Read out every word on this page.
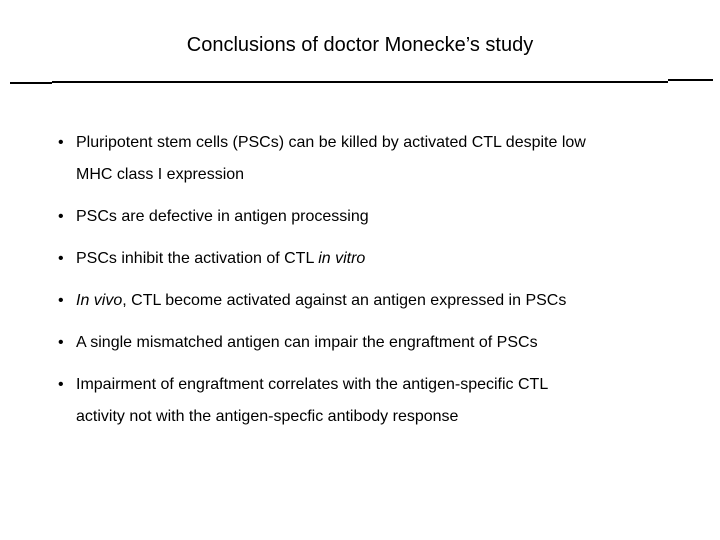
Conclusions of doctor Monecke’s study
• Pluripotent stem cells (PSCs) can be killed by activated CTL despite low
MHC class I expression
• PSCs are defective in antigen processing
• PSCs inhibit the activation of CTL in vitro
• In vivo, CTL become activated against an antigen expressed in PSCs
• A single mismatched antigen can impair the engraftment of PSCs
• Impairment of engraftment correlates with the antigen-specific CTL
activity not with the antigen-specfic antibody response
